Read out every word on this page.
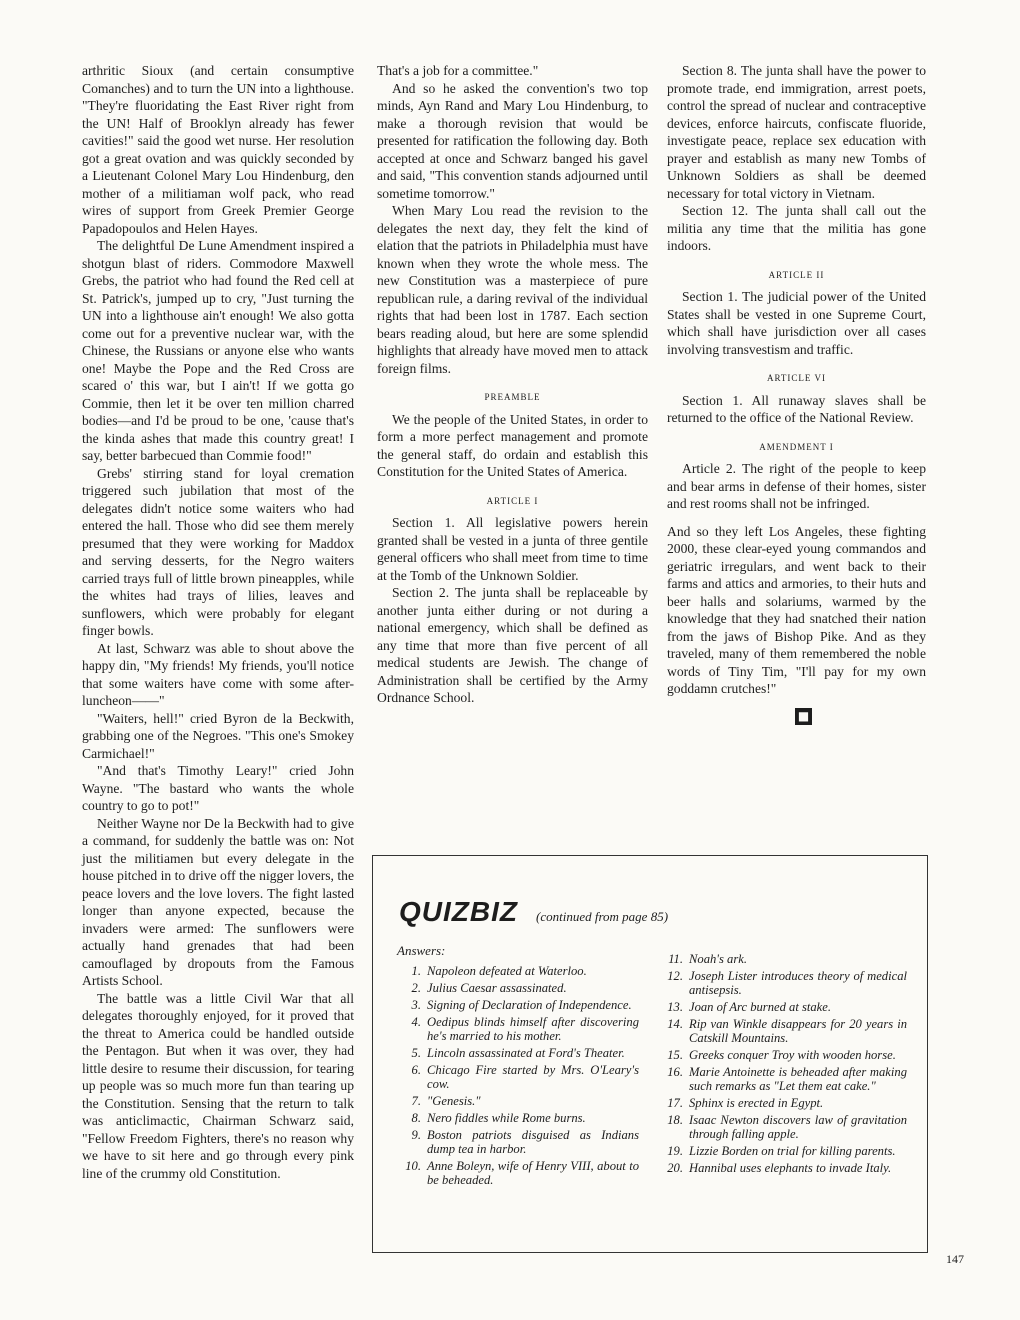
arthritic Sioux (and certain consumptive Comanches) and to turn the UN into a lighthouse. "They're fluoridating the East River right from the UN! Half of Brooklyn already has fewer cavities!" said the good wet nurse. Her resolution got a great ovation and was quickly seconded by a Lieutenant Colonel Mary Lou Hindenburg, den mother of a militiaman wolf pack, who read wires of support from Greek Premier George Papadopoulos and Helen Hayes.

The delightful De Lune Amendment inspired a shotgun blast of riders. Commodore Maxwell Grebs, the patriot who had found the Red cell at St. Patrick's, jumped up to cry, "Just turning the UN into a lighthouse ain't enough! We also gotta come out for a preventive nuclear war, with the Chinese, the Russians or anyone else who wants one! Maybe the Pope and the Red Cross are scared o' this war, but I ain't! If we gotta go Commie, then let it be over ten million charred bodies—and I'd be proud to be one, 'cause that's the kinda ashes that made this country great! I say, better barbecued than Commie food!"

Grebs' stirring stand for loyal cremation triggered such jubilation that most of the delegates didn't notice some waiters who had entered the hall. Those who did see them merely presumed that they were working for Maddox and serving desserts, for the Negro waiters carried trays full of little brown pineapples, while the whites had trays of lilies, leaves and sunflowers, which were probably for elegant finger bowls.

At last, Schwarz was able to shout above the happy din, "My friends! My friends, you'll notice that some waiters have come with some after-luncheon——"

"Waiters, hell!" cried Byron de la Beckwith, grabbing one of the Negroes. "This one's Smokey Carmichael!"

"And that's Timothy Leary!" cried John Wayne. "The bastard who wants the whole country to go to pot!"

Neither Wayne nor De la Beckwith had to give a command, for suddenly the battle was on: Not just the militiamen but every delegate in the house pitched in to drive off the nigger lovers, the peace lovers and the love lovers. The fight lasted longer than anyone expected, because the invaders were armed: The sunflowers were actually hand grenades that had been camouflaged by dropouts from the Famous Artists School.

The battle was a little Civil War that all delegates thoroughly enjoyed, for it proved that the threat to America could be handled outside the Pentagon. But when it was over, they had little desire to resume their discussion, for tearing up people was so much more fun than tearing up the Constitution. Sensing that the return to talk was anticlimactic, Chairman Schwarz said, "Fellow Freedom Fighters, there's no reason why we have to sit here and go through every pink line of the crummy old Constitution.

That's a job for a committee."

And so he asked the convention's two top minds, Ayn Rand and Mary Lou Hindenburg, to make a thorough revision that would be presented for ratification the following day. Both accepted at once and Schwarz banged his gavel and said, "This convention stands adjourned until sometime tomorrow."

When Mary Lou read the revision to the delegates the next day, they felt the kind of elation that the patriots in Philadelphia must have known when they wrote the whole mess. The new Constitution was a masterpiece of pure republican rule, a daring revival of the individual rights that had been lost in 1787. Each section bears reading aloud, but here are some splendid highlights that already have moved men to attack foreign films.

PREAMBLE

We the people of the United States, in order to form a more perfect management and promote the general staff, do ordain and establish this Constitution for the United States of America.

ARTICLE I

Section 1. All legislative powers herein granted shall be vested in a junta of three gentile general officers who shall meet from time to time at the Tomb of the Unknown Soldier.

Section 2. The junta shall be replaceable by another junta either during or not during a national emergency, which shall be defined as any time that more than five percent of all medical students are Jewish. The change of Administration shall be certified by the Army Ordnance School.

Section 8. The junta shall have the power to promote trade, end immigration, arrest poets, control the spread of nuclear and contraceptive devices, enforce haircuts, confiscate fluoride, investigate peace, replace sex education with prayer and establish as many new Tombs of Unknown Soldiers as shall be deemed necessary for total victory in Vietnam.

Section 12. The junta shall call out the militia any time that the militia has gone indoors.

ARTICLE II

Section 1. The judicial power of the United States shall be vested in one Supreme Court, which shall have jurisdiction over all cases involving transvestism and traffic.

ARTICLE VI

Section 1. All runaway slaves shall be returned to the office of the National Review.

AMENDMENT I

Article 2. The right of the people to keep and bear arms in defense of their homes, sister and rest rooms shall not be infringed.

And so they left Los Angeles, these fighting 2000, these clear-eyed young commandos and geriatric irregulars, and went back to their farms and attics and armories, to their huts and beer halls and solariums, warmed by the knowledge that they had snatched their nation from the jaws of Bishop Pike. And as they traveled, many of them remembered the noble words of Tiny Tim, "I'll pay for my own goddamn crutches!"

■
QUIZBIZ (continued from page 85)
Answers:
1. Napoleon defeated at Waterloo.
2. Julius Caesar assassinated.
3. Signing of Declaration of Independence.
4. Oedipus blinds himself after discovering he's married to his mother.
5. Lincoln assassinated at Ford's Theater.
6. Chicago Fire started by Mrs. O'Leary's cow.
7. "Genesis."
8. Nero fiddles while Rome burns.
9. Boston patriots disguised as Indians dump tea in harbor.
10. Anne Boleyn, wife of Henry VIII, about to be beheaded.
11. Noah's ark.
12. Joseph Lister introduces theory of medical antisepsis.
13. Joan of Arc burned at stake.
14. Rip van Winkle disappears for 20 years in Catskill Mountains.
15. Greeks conquer Troy with wooden horse.
16. Marie Antoinette is beheaded after making such remarks as "Let them eat cake."
17. Sphinx is erected in Egypt.
18. Isaac Newton discovers law of gravitation through falling apple.
19. Lizzie Borden on trial for killing parents.
20. Hannibal uses elephants to invade Italy.
147
